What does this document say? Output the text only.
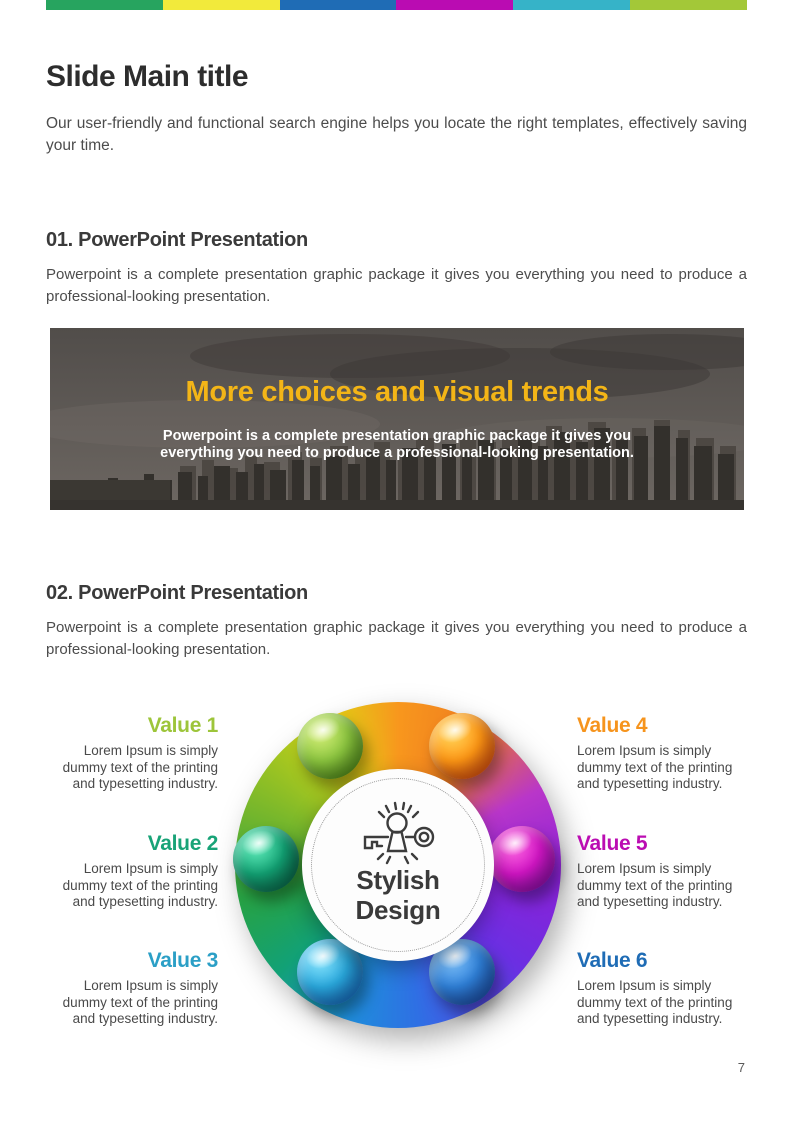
Slide Main title

Our user-friendly and functional search engine helps you locate the right templates, effectively saving your time.

01. PowerPoint Presentation

Powerpoint is a complete presentation graphic package it gives you everything you need to produce a professional-looking presentation.

More choices and visual trends
Powerpoint is a complete presentation graphic package it gives you everything you need to produce a professional-looking presentation.
02. PowerPoint Presentation

Powerpoint is a complete presentation graphic package it gives you everything you need to produce a professional-looking presentation.

Stylish
Design
Value 1
Lorem Ipsum is simply dummy text of the printing and typesetting industry.
Value 2
Lorem Ipsum is simply dummy text of the printing and typesetting industry.
Value 3
Lorem Ipsum is simply dummy text of the printing and typesetting industry.
Value 4
Lorem Ipsum is simply dummy text of the printing and typesetting industry.
Value 5
Lorem Ipsum is simply dummy text of the printing and typesetting industry.
Value 6
Lorem Ipsum is simply dummy text of the printing and typesetting industry.
7
